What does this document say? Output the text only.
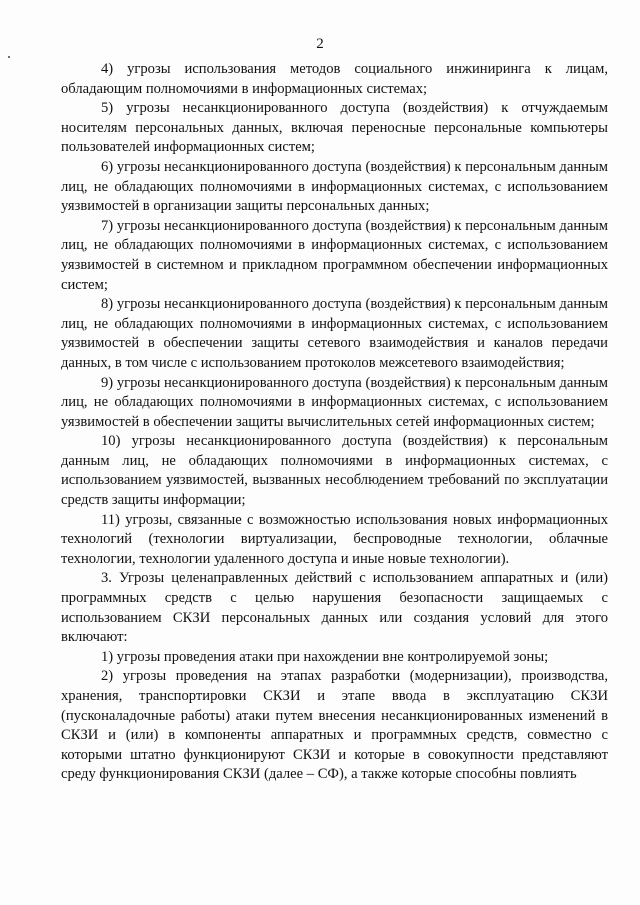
2

4) угрозы использования методов социального инжиниринга к лицам, обладающим полномочиями в информационных системах;

5) угрозы несанкционированного доступа (воздействия) к отчуждаемым носителям персональных данных, включая переносные персональные компьютеры пользователей информационных систем;

6) угрозы несанкционированного доступа (воздействия) к персональным данным лиц, не обладающих полномочиями в информационных системах, с использованием уязвимостей в организации защиты персональных данных;

7) угрозы несанкционированного доступа (воздействия) к персональным данным лиц, не обладающих полномочиями в информационных системах, с использованием уязвимостей в системном и прикладном программном обеспечении информационных систем;

8) угрозы несанкционированного доступа (воздействия) к персональным данным лиц, не обладающих полномочиями в информационных системах, с использованием уязвимостей в обеспечении защиты сетевого взаимодействия и каналов передачи данных, в том числе с использованием протоколов межсетевого взаимодействия;

9) угрозы несанкционированного доступа (воздействия) к персональным данным лиц, не обладающих полномочиями в информационных системах, с использованием уязвимостей в обеспечении защиты вычислительных сетей информационных систем;

10) угрозы несанкционированного доступа (воздействия) к персональным данным лиц, не обладающих полномочиями в информационных системах, с использованием уязвимостей, вызванных несоблюдением требований по эксплуатации средств защиты информации;

11) угрозы, связанные с возможностью использования новых информационных технологий (технологии виртуализации, беспроводные технологии, облачные технологии, технологии удаленного доступа и иные новые технологии).

3. Угрозы целенаправленных действий с использованием аппаратных и (или) программных средств с целью нарушения безопасности защищаемых с использованием СКЗИ персональных данных или создания условий для этого включают:

1) угрозы проведения атаки при нахождении вне контролируемой зоны;

2) угрозы проведения на этапах разработки (модернизации), производства, хранения, транспортировки СКЗИ и этапе ввода в эксплуатацию СКЗИ (пусконаладочные работы) атаки путем внесения несанкционированных изменений в СКЗИ и (или) в компоненты аппаратных и программных средств, совместно с которыми штатно функционируют СКЗИ и которые в совокупности представляют среду функционирования СКЗИ (далее – СФ), а также которые способны повлиять
